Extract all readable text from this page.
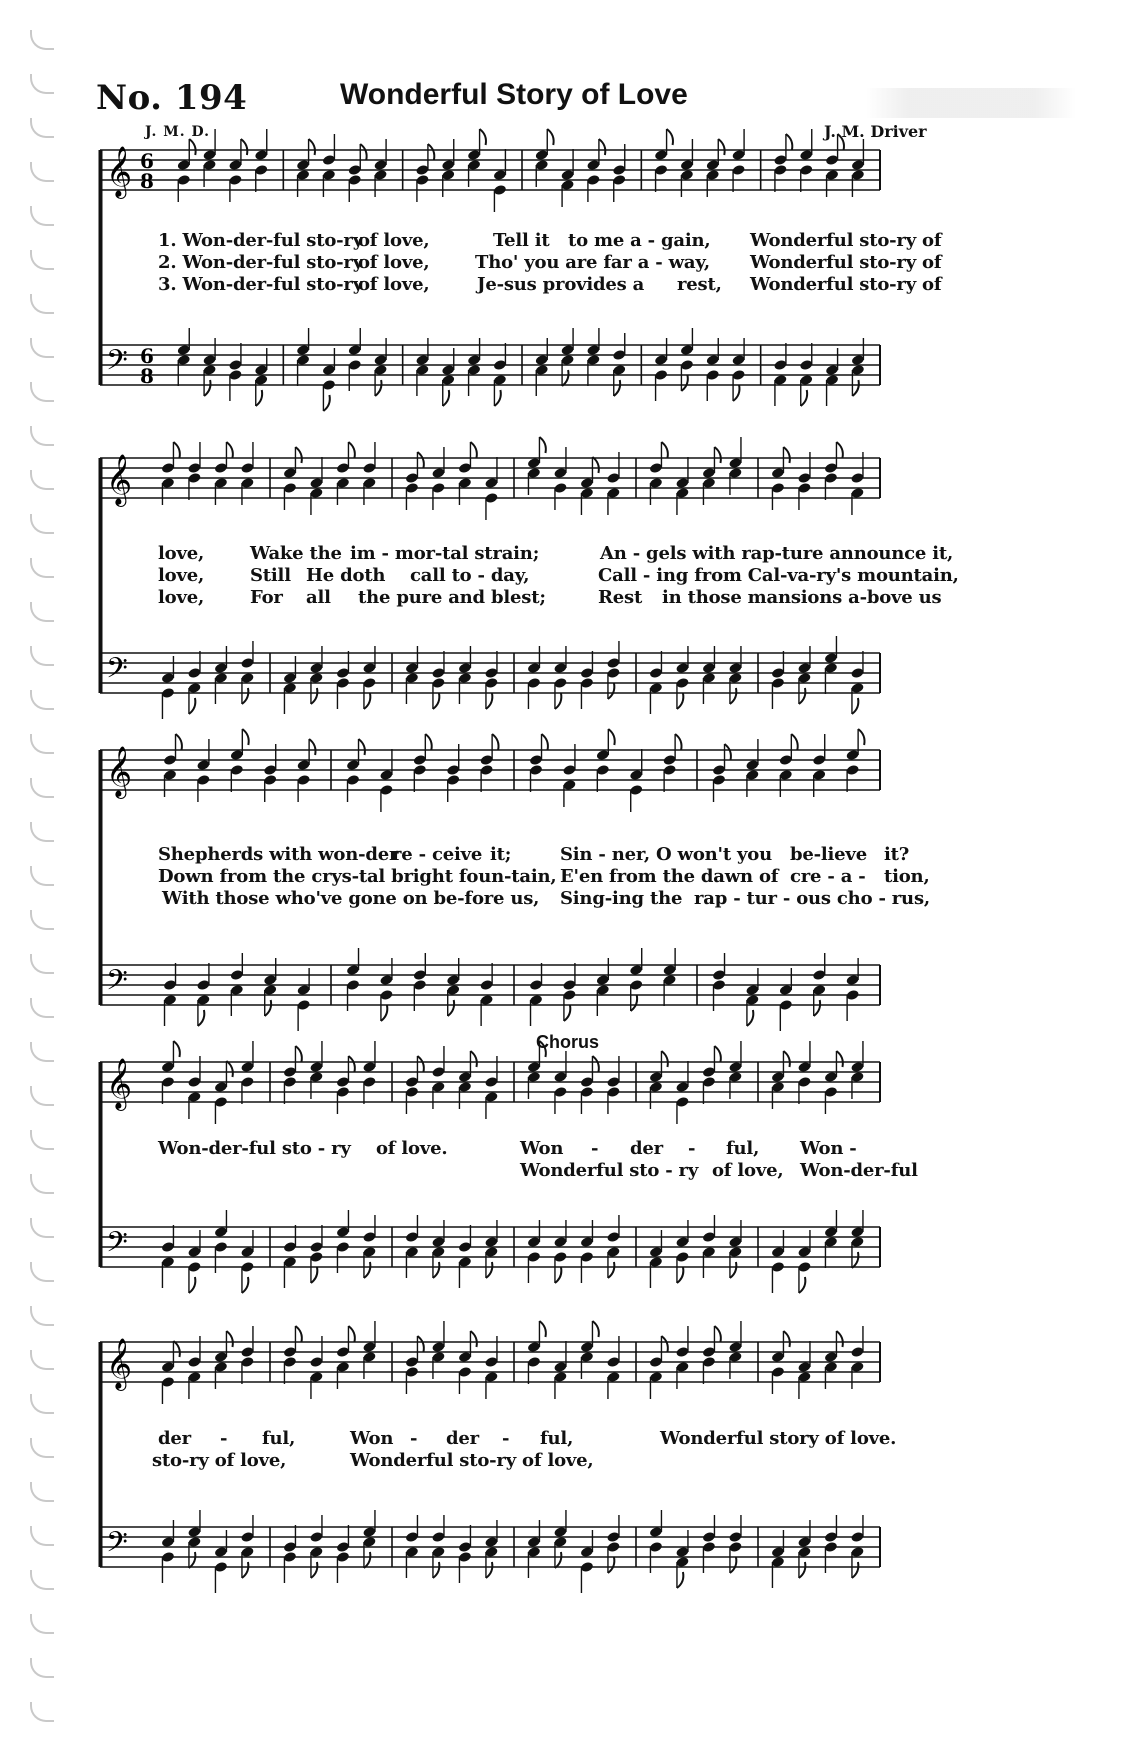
No. 194	Wonderful Story of Love
J. M. D.	J. M. Driver
𝄞 6
8
𝄢 6
8
1. Won-der-ful sto-ry
of love,	Tell it to me a - gain, Wonderful sto-ry of
2. Won-der-ful sto-ry
of love,	Tho' you are far a - way, Wonderful sto-ry of
3. Won-der-ful sto-ry
of love,	Je-sus provides a rest, Wonderful sto-ry of
𝄞
𝄢
love,	Wake the im - mor-tal strain;	An - gels with rap-ture announce it,
love,	Still He doth call to - day,	Call - ing from Cal-va-ry's mountain,
love,	For all the pure and blest;	Rest in those mansions a-bove us
𝄞
𝄢
Shepherds with won-der
re - ceive it;	Sin - ner, O won't you be-lieve it?
Down from the crys-tal bright foun-tain, E'en from the dawn of cre - a - tion,
With those who've gone on be-fore us, Sing-ing the rap - tur - ous cho - rus,
Chorus
𝄞
𝄢
Won-der-ful sto - ry of love.	Won - der - ful, Won -
Wonderful sto - ry of love, Won-der-ful
𝄞
𝄢
der - ful,	Won - der - ful,	Wonderful story of love.
sto-ry of love,	Wonderful sto-ry of love,
